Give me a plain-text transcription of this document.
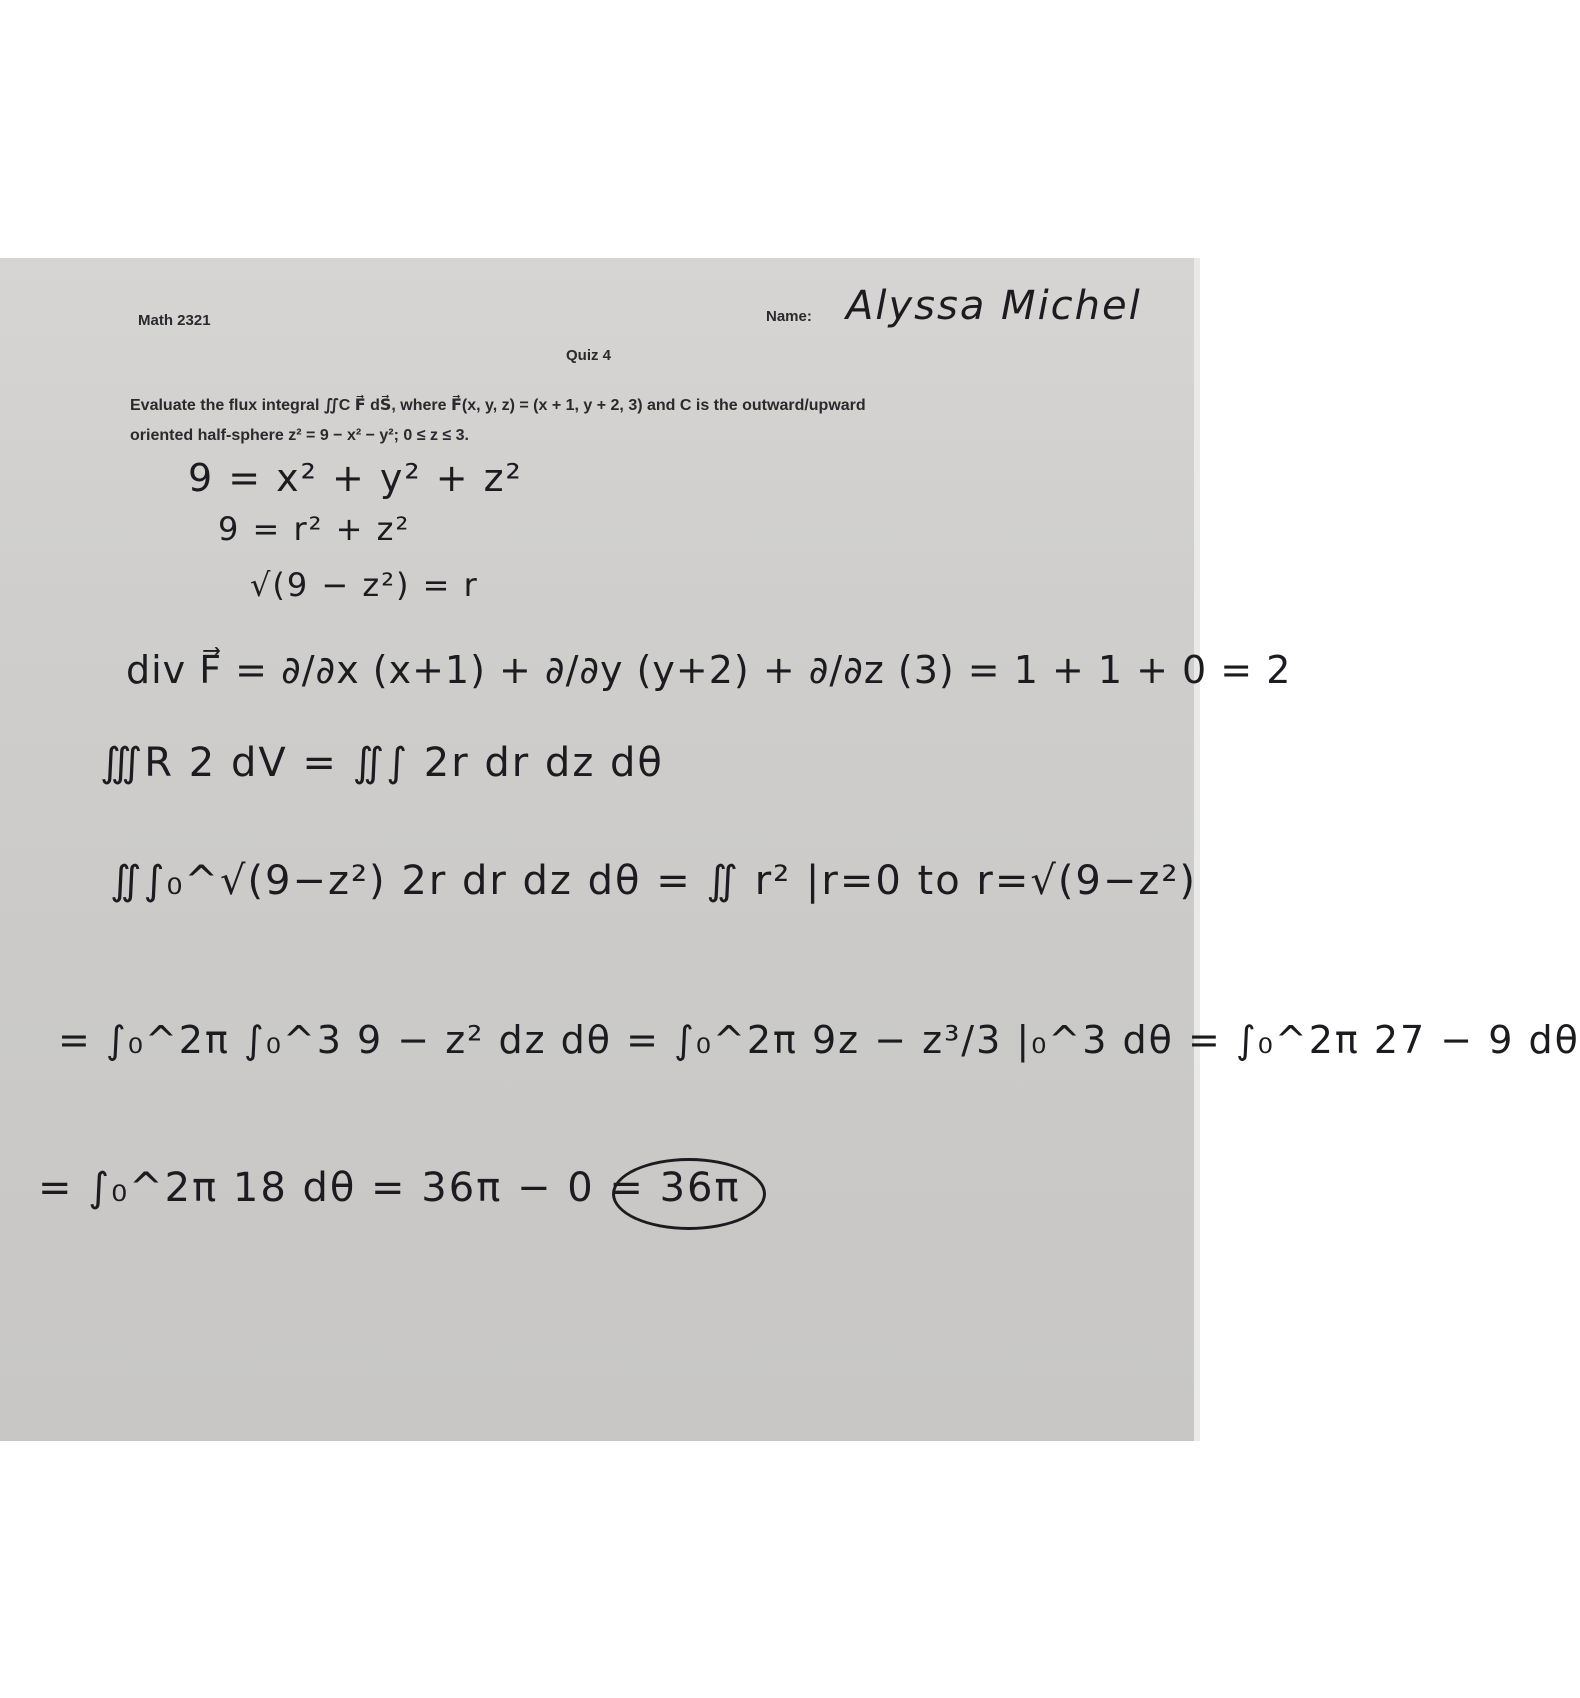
Math 2321	Name: Alyssa Michel
Quiz 4
Evaluate the flux integral ∬C F⃗ dS⃗, where F⃗(x, y, z) = (x + 1, y + 2, 3) and C is the outward/upward
oriented half-sphere z² = 9 − x² − y²; 0 ≤ z ≤ 3.
9 = x² + y² + z²
9 = r² + z²
√(9 − z²) = r
div F⃗ = ∂/∂x (x+1) + ∂/∂y (y+2) + ∂/∂z (3) = 1 + 1 + 0 = 2
∭R 2 dV = ∬∫ 2r dr dz dθ
∬∫₀^√(9−z²) 2r dr dz dθ = ∬ r² |r=0 to r=√(9−z²)
= ∫₀^2π ∫₀^3 9 − z² dz dθ = ∫₀^2π 9z − z³/3 |₀^3 dθ = ∫₀^2π 27 − 9 dθ
= ∫₀^2π 18 dθ = 36π − 0 = 36π
